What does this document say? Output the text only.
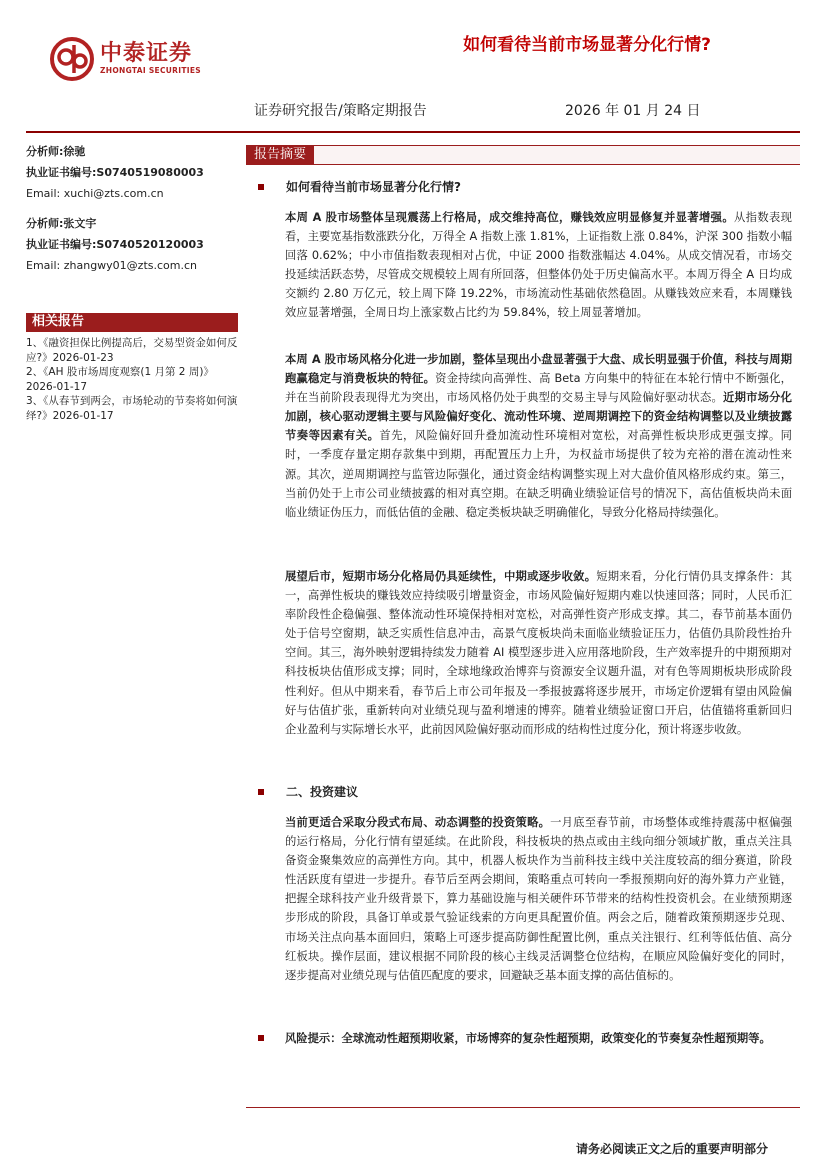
中泰证券
ZHONGTAI SECURITIES
如何看待当前市场显著分化行情?
证券研究报告/策略定期报告	2026 年 01 月 24 日
分析师:徐驰
执业证书编号:S0740519080003
Email: xuchi@zts.com.cn
分析师:张文宇
执业证书编号:S0740520120003
Email: zhangwy01@zts.com.cn
相关报告
1、《融资担保比例提高后，交易型资金如何反应?》2026-01-23
2、《AH 股市场周度观察(1 月第 2 周)》2026-01-17
3、《从春节到两会，市场轮动的节奏将如何演绎?》2026-01-17
报告摘要
如何看待当前市场显著分化行情?
本周 A 股市场整体呈现震荡上行格局，成交维持高位，赚钱效应明显修复并显著增强。从指数表现看，主要宽基指数涨跌分化，万得全 A 指数上涨 1.81%，上证指数上涨 0.84%，沪深 300 指数小幅回落 0.62%；中小市值指数表现相对占优，中证 2000 指数涨幅达 4.04%。从成交情况看，市场交投延续活跃态势，尽管成交规模较上周有所回落，但整体仍处于历史偏高水平。本周万得全 A 日均成交额约 2.80 万亿元，较上周下降 19.22%，市场流动性基础依然稳固。从赚钱效应来看，本周赚钱效应显著增强，全周日均上涨家数占比约为 59.84%，较上周显著增加。
本周 A 股市场风格分化进一步加剧，整体呈现出小盘显著强于大盘、成长明显强于价值，科技与周期跑赢稳定与消费板块的特征。资金持续向高弹性、高 Beta 方向集中的特征在本轮行情中不断强化，并在当前阶段表现得尤为突出，市场风格仍处于典型的交易主导与风险偏好驱动状态。近期市场分化加剧，核心驱动逻辑主要与风险偏好变化、流动性环境、逆周期调控下的资金结构调整以及业绩披露节奏等因素有关。首先，风险偏好回升叠加流动性环境相对宽松，对高弹性板块形成更强支撑。同时，一季度存量定期存款集中到期，再配置压力上升，为权益市场提供了较为充裕的潜在流动性来源。其次，逆周期调控与监管边际强化，通过资金结构调整实现上对大盘价值风格形成约束。第三，当前仍处于上市公司业绩披露的相对真空期。在缺乏明确业绩验证信号的情况下，高估值板块尚未面临业绩证伪压力，而低估值的金融、稳定类板块缺乏明确催化，导致分化格局持续强化。
展望后市，短期市场分化格局仍具延续性，中期或逐步收敛。短期来看，分化行情仍具支撑条件：其一，高弹性板块的赚钱效应持续吸引增量资金，市场风险偏好短期内难以快速回落；同时，人民币汇率阶段性企稳偏强、整体流动性环境保持相对宽松，对高弹性资产形成支撑。其二，春节前基本面仍处于信号空窗期，缺乏实质性信息冲击，高景气度板块尚未面临业绩验证压力，估值仍具阶段性抬升空间。其三，海外映射逻辑持续发力随着 AI 模型逐步进入应用落地阶段，生产效率提升的中期预期对科技板块估值形成支撑；同时，全球地缘政治博弈与资源安全议题升温，对有色等周期板块形成阶段性利好。但从中期来看，春节后上市公司年报及一季报披露将逐步展开，市场定价逻辑有望由风险偏好与估值扩张，重新转向对业绩兑现与盈利增速的博弈。随着业绩验证窗口开启，估值锚将重新回归企业盈利与实际增长水平，此前因风险偏好驱动而形成的结构性过度分化，预计将逐步收敛。
二、投资建议
当前更适合采取分段式布局、动态调整的投资策略。一月底至春节前，市场整体或维持震荡中枢偏强的运行格局，分化行情有望延续。在此阶段，科技板块的热点或由主线向细分领域扩散，重点关注具备资金聚集效应的高弹性方向。其中，机器人板块作为当前科技主线中关注度较高的细分赛道，阶段性活跃度有望进一步提升。春节后至两会期间，策略重点可转向一季报预期向好的海外算力产业链，把握全球科技产业升级背景下，算力基础设施与相关硬件环节带来的结构性投资机会。在业绩预期逐步形成的阶段，具备订单或景气验证线索的方向更具配置价值。两会之后，随着政策预期逐步兑现、市场关注点向基本面回归，策略上可逐步提高防御性配置比例，重点关注银行、红利等低估值、高分红板块。操作层面，建议根据不同阶段的核心主线灵活调整仓位结构，在顺应风险偏好变化的同时，逐步提高对业绩兑现与估值匹配度的要求，回避缺乏基本面支撑的高估值标的。
风险提示：全球流动性超预期收紧，市场博弈的复杂性超预期，政策变化的节奏复杂性超预期等。
请务必阅读正文之后的重要声明部分
